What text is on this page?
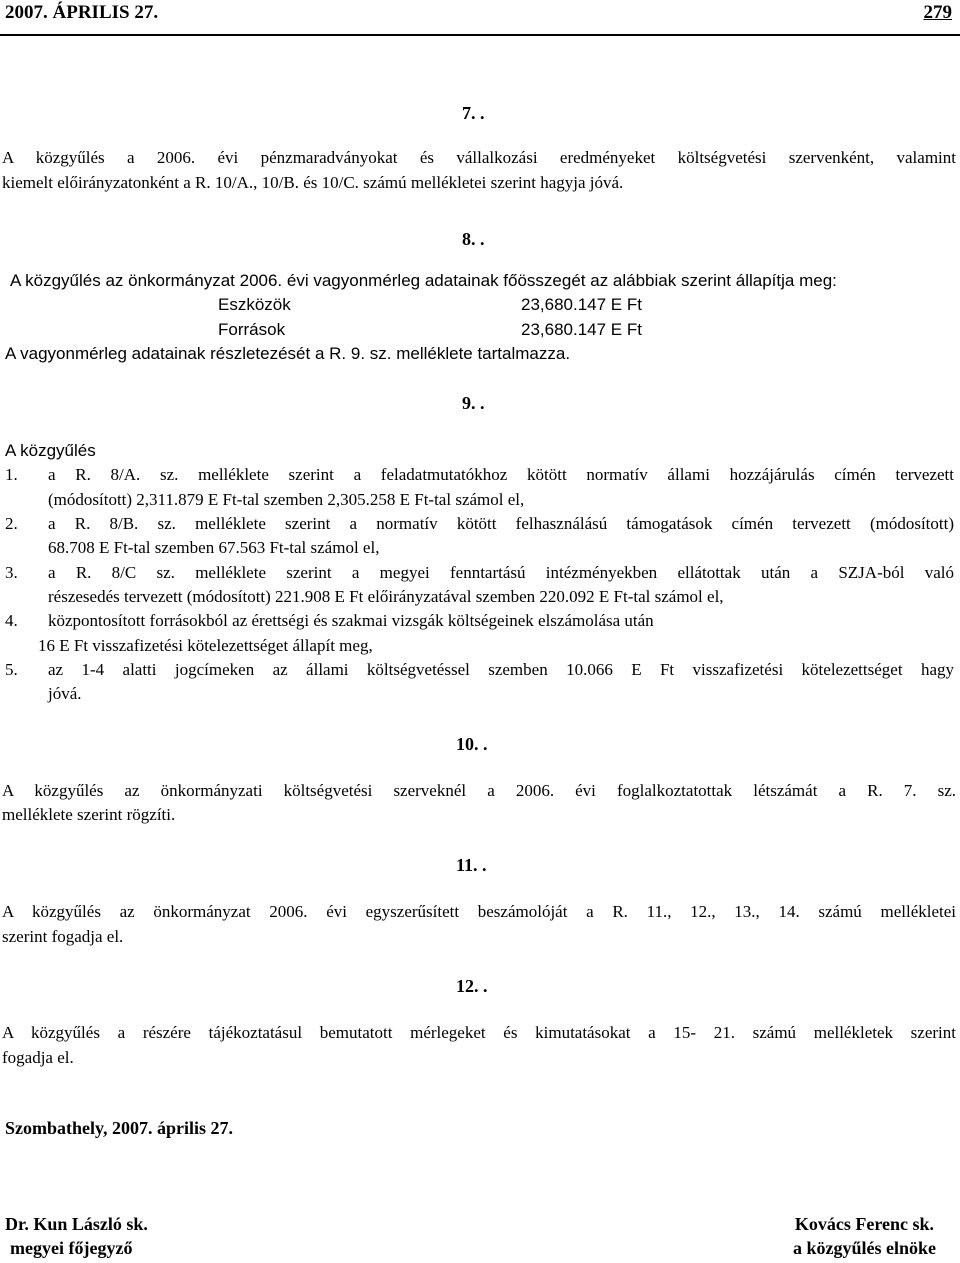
2007. ÁPRILIS 27.	279
7. .
A közgyűlés a 2006. évi pénzmaradványokat és vállalkozási eredményeket költségvetési szervenként, valamint
kiemelt előirányzatonként a R. 10/A., 10/B. és 10/C. számú mellékletei szerint hagyja jóvá.
8. .
A közgyűlés az önkormányzat 2006. évi vagyonmérleg adatainak főösszegét az alábbiak szerint állapítja meg:
Eszközök	23,680.147 E Ft
Források	23,680.147 E Ft
A vagyonmérleg adatainak részletezését a R. 9. sz. melléklete tartalmazza.
9. .
A közgyűlés
1. a R. 8/A. sz. melléklete szerint a feladatmutatókhoz kötött normatív állami hozzájárulás címén tervezett
(módosított) 2,311.879 E Ft-tal szemben 2,305.258 E Ft-tal számol el,
2. a R. 8/B. sz. melléklete szerint a normatív kötött felhasználású támogatások címén tervezett (módosított)
68.708 E Ft-tal szemben 67.563 Ft-tal számol el,
3. a R. 8/C sz. melléklete szerint a megyei fenntartású intézményekben ellátottak után a SZJA-ból való
részesedés tervezett (módosított) 221.908 E Ft előirányzatával szemben 220.092 E Ft-tal számol el,
4. központosított forrásokból az érettségi és szakmai vizsgák költségeinek elszámolása után
16 E Ft visszafizetési kötelezettséget állapít meg,
5. az 1-4 alatti jogcímeken az állami költségvetéssel szemben 10.066 E Ft visszafizetési kötelezettséget hagy
jóvá.
10. .
A közgyűlés az önkormányzati költségvetési szerveknél a 2006. évi foglalkoztatottak létszámát a R. 7. sz.
melléklete szerint rögzíti.
11. .
A közgyűlés az önkormányzat 2006. évi egyszerűsített beszámolóját a R. 11., 12., 13., 14. számú mellékletei
szerint fogadja el.
12. .
A közgyűlés a részére tájékoztatásul bemutatott mérlegeket és kimutatásokat a 15- 21. számú mellékletek szerint
fogadja el.
Szombathely, 2007. április 27.
Dr. Kun László sk.
megyei főjegyző
Kovács Ferenc sk.
a közgyűlés elnöke
